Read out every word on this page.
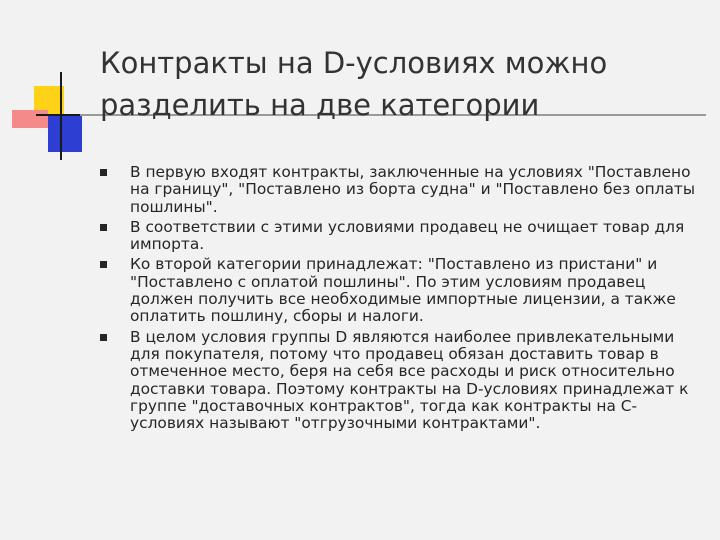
Контракты на D-условиях можно
разделить на две категории
В первую входят контракты, заключенные на условиях "Поставлено на границу", "Поставлено из борта судна" и "Поставлено без оплаты пошлины".
В соответствии с этими условиями продавец не очищает товар для импорта.
Ко второй категории принадлежат: "Поставлено из пристани" и "Поставлено с оплатой пошлины". По этим условиям продавец должен получить все необходимые импортные лицензии, а также оплатить пошлину, сборы и налоги.
В целом условия группы D являются наиболее привлекательными для покупателя, потому что продавец обязан доставить товар в отмеченное место, беря на себя все расходы и риск относительно доставки товара. Поэтому контракты на D-условиях принадлежат к группе "доставочных контрактов", тогда как контракты на C-условиях называют "отгрузочными контрактами".
